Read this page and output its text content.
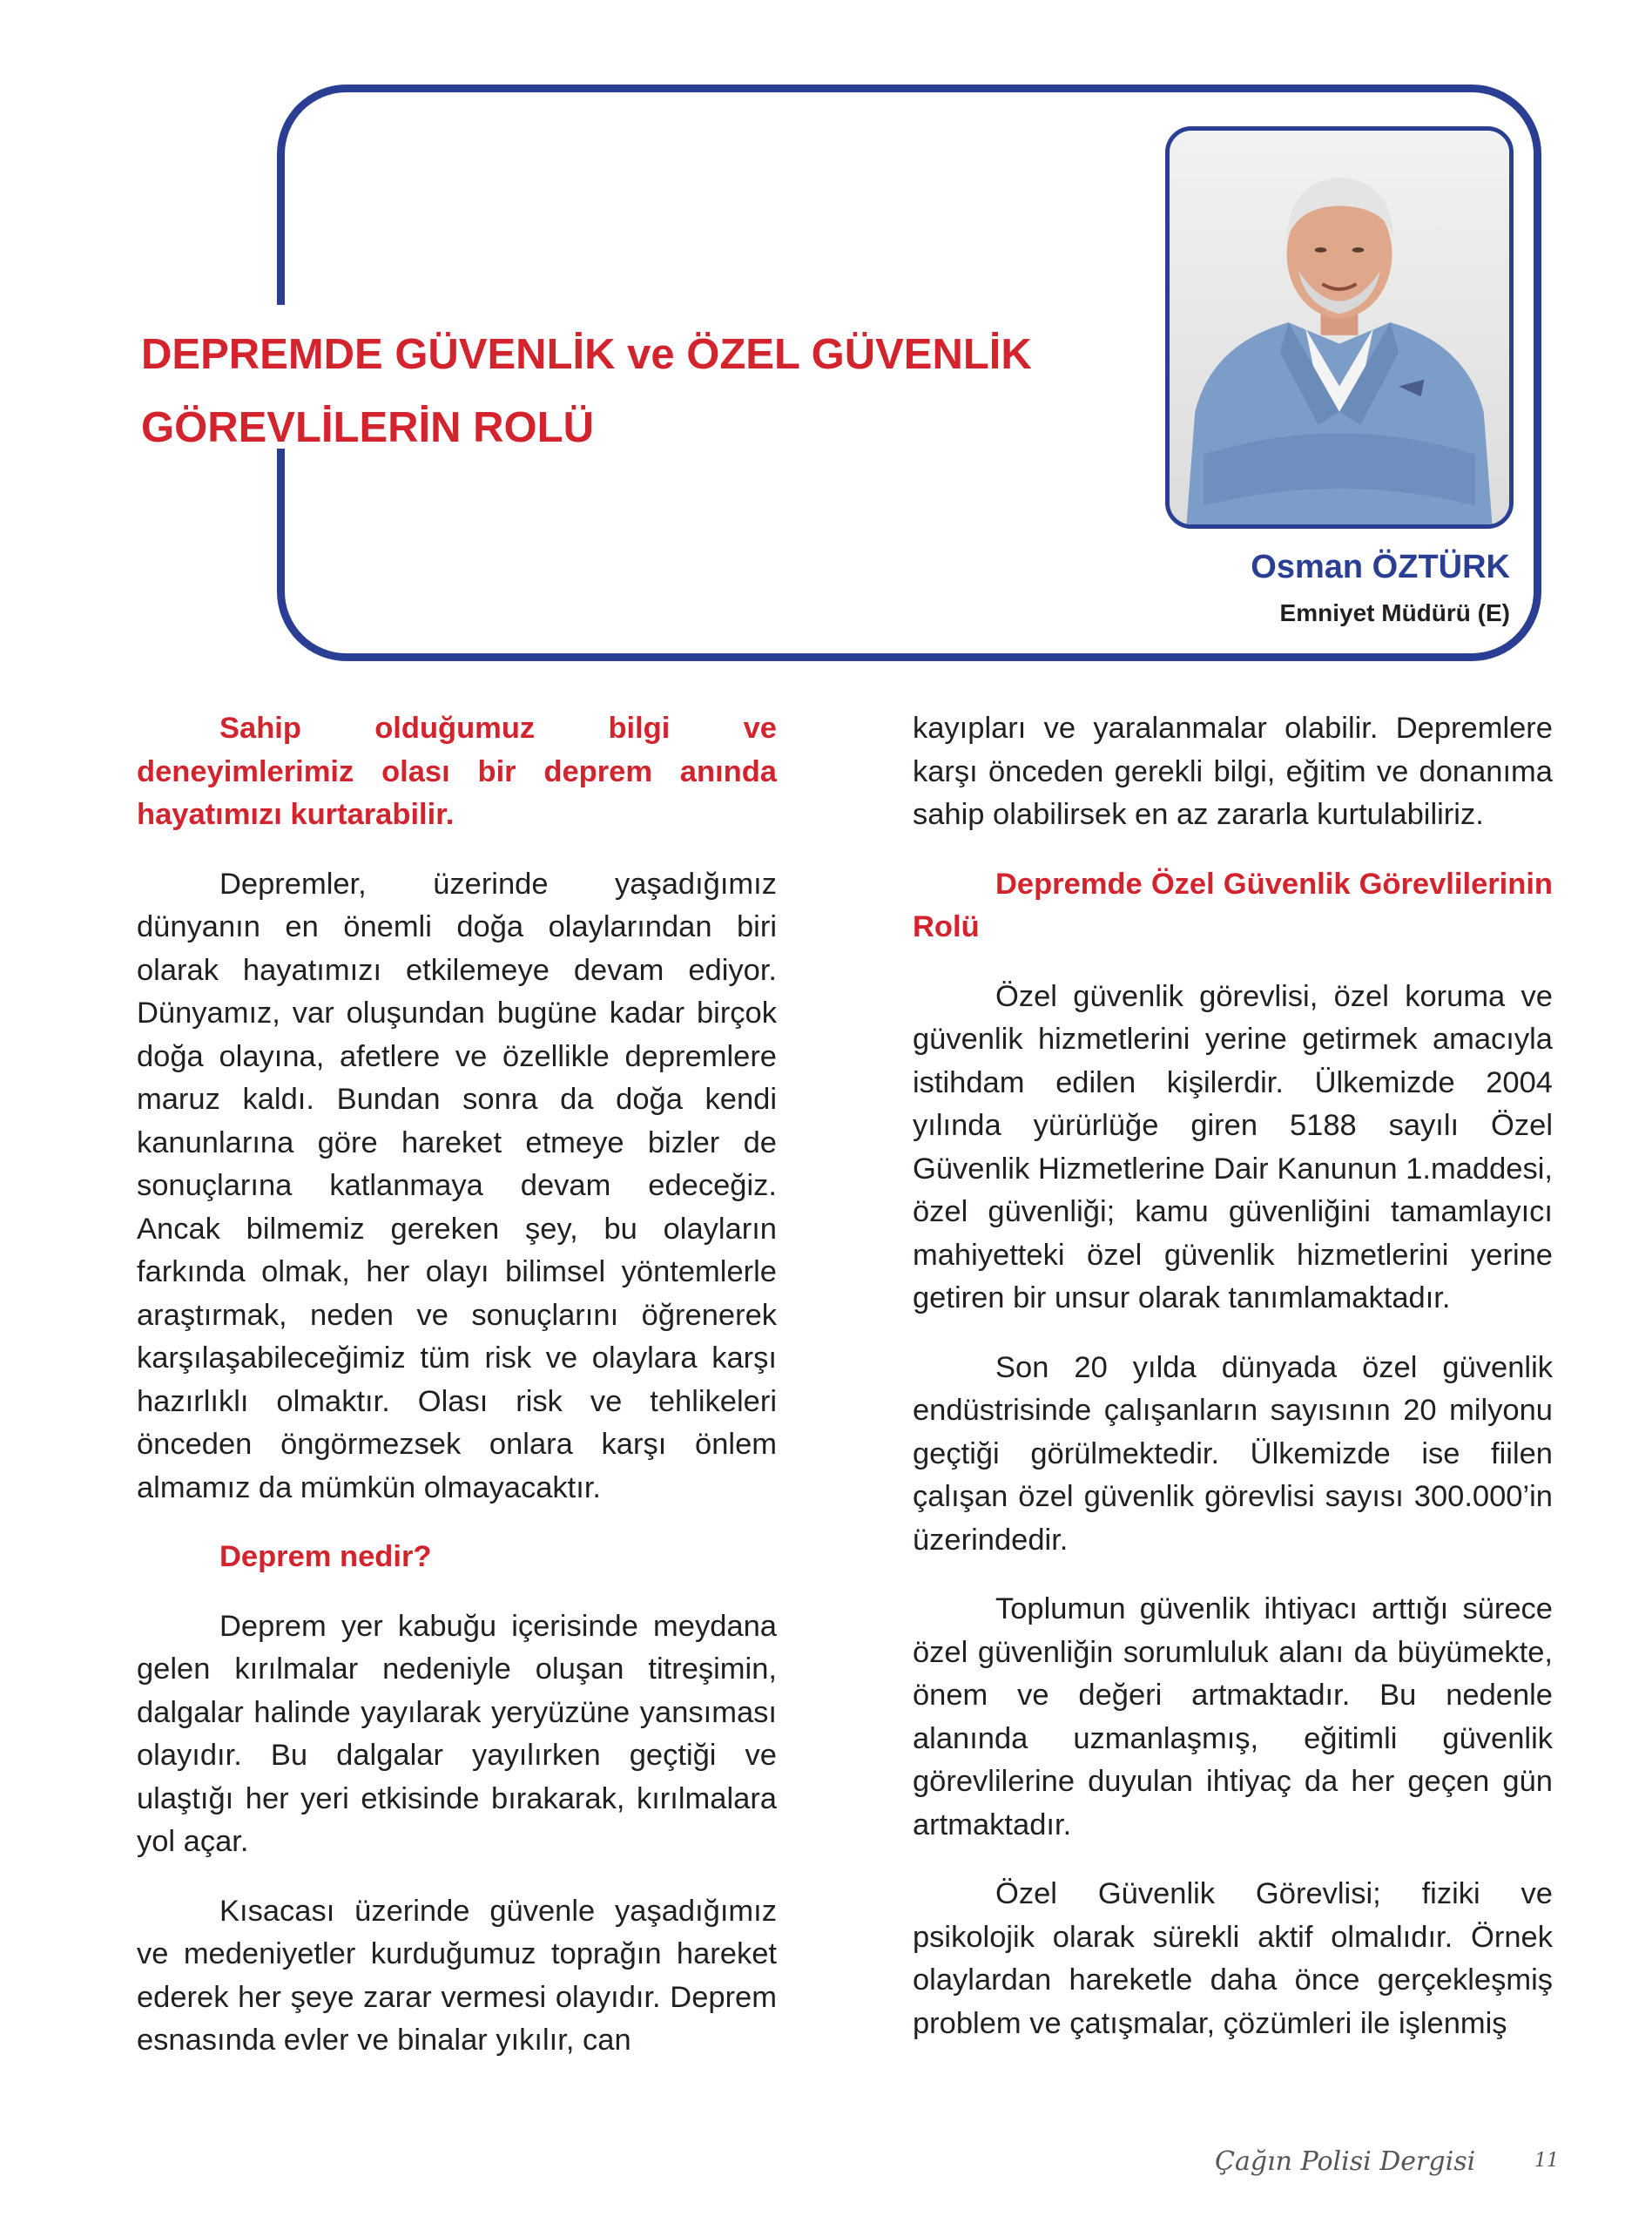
DEPREMDE GÜVENLİK ve ÖZEL GÜVENLİK GÖREVLİLERİN ROLÜ
Osman ÖZTÜRK
Emniyet Müdürü (E)

Sahip olduğumuz bilgi ve deneyimlerimiz olası bir deprem anında hayatımızı kurtarabilir.

Depremler, üzerinde yaşadığımız dünyanın en önemli doğa olaylarından biri olarak hayatımızı etkilemeye devam ediyor. Dünyamız, var oluşundan bugüne kadar birçok doğa olayına, afetlere ve özellikle depremlere maruz kaldı. Bundan sonra da doğa kendi kanunlarına göre hareket etmeye bizler de sonuçlarına katlanmaya devam edeceğiz. Ancak bilmemiz gereken şey, bu olayların farkında olmak, her olayı bilimsel yöntemlerle araştırmak, neden ve sonuçlarını öğrenerek karşılaşabileceğimiz tüm risk ve olaylara karşı hazırlıklı olmaktır. Olası risk ve tehlikeleri önceden öngörmezsek onlara karşı önlem almamız da mümkün olmayacaktır.

Deprem nedir?

Deprem yer kabuğu içerisinde meydana gelen kırılmalar nedeniyle oluşan titreşimin, dalgalar halinde yayılarak yeryüzüne yansıması olayıdır. Bu dalgalar yayılırken geçtiği ve ulaştığı her yeri etkisinde bırakarak, kırılmalara yol açar.

Kısacası üzerinde güvenle yaşadığımız ve medeniyetler kurduğumuz toprağın hareket ederek her şeye zarar vermesi olayıdır. Deprem esnasında evler ve binalar yıkılır, can

kayıpları ve yaralanmalar olabilir. Depremlere karşı önceden gerekli bilgi, eğitim ve donanıma sahip olabilirsek en az zararla kurtulabiliriz.

Depremde Özel Güvenlik Görevlilerinin Rolü

Özel güvenlik görevlisi, özel koruma ve güvenlik hizmetlerini yerine getirmek amacıyla istihdam edilen kişilerdir. Ülkemizde 2004 yılında yürürlüğe giren 5188 sayılı Özel Güvenlik Hizmetlerine Dair Kanunun 1.maddesi, özel güvenliği; kamu güvenliğini tamamlayıcı mahiyetteki özel güvenlik hizmetlerini yerine getiren bir unsur olarak tanımlamaktadır.

Son 20 yılda dünyada özel güvenlik endüstrisinde çalışanların sayısının 20 milyonu geçtiği görülmektedir. Ülkemizde ise fiilen çalışan özel güvenlik görevlisi sayısı 300.000’in üzerindedir.

Toplumun güvenlik ihtiyacı arttığı sürece özel güvenliğin sorumluluk alanı da büyümekte, önem ve değeri artmaktadır. Bu nedenle alanında uzmanlaşmış, eğitimli güvenlik görevlilerine duyulan ihtiyaç da her geçen gün artmaktadır.

Özel Güvenlik Görevlisi; fiziki ve psikolojik olarak sürekli aktif olmalıdır. Örnek olaylardan hareketle daha önce gerçekleşmiş problem ve çatışmalar, çözümleri ile işlenmiş

Çağın Polisi Dergisi	11
